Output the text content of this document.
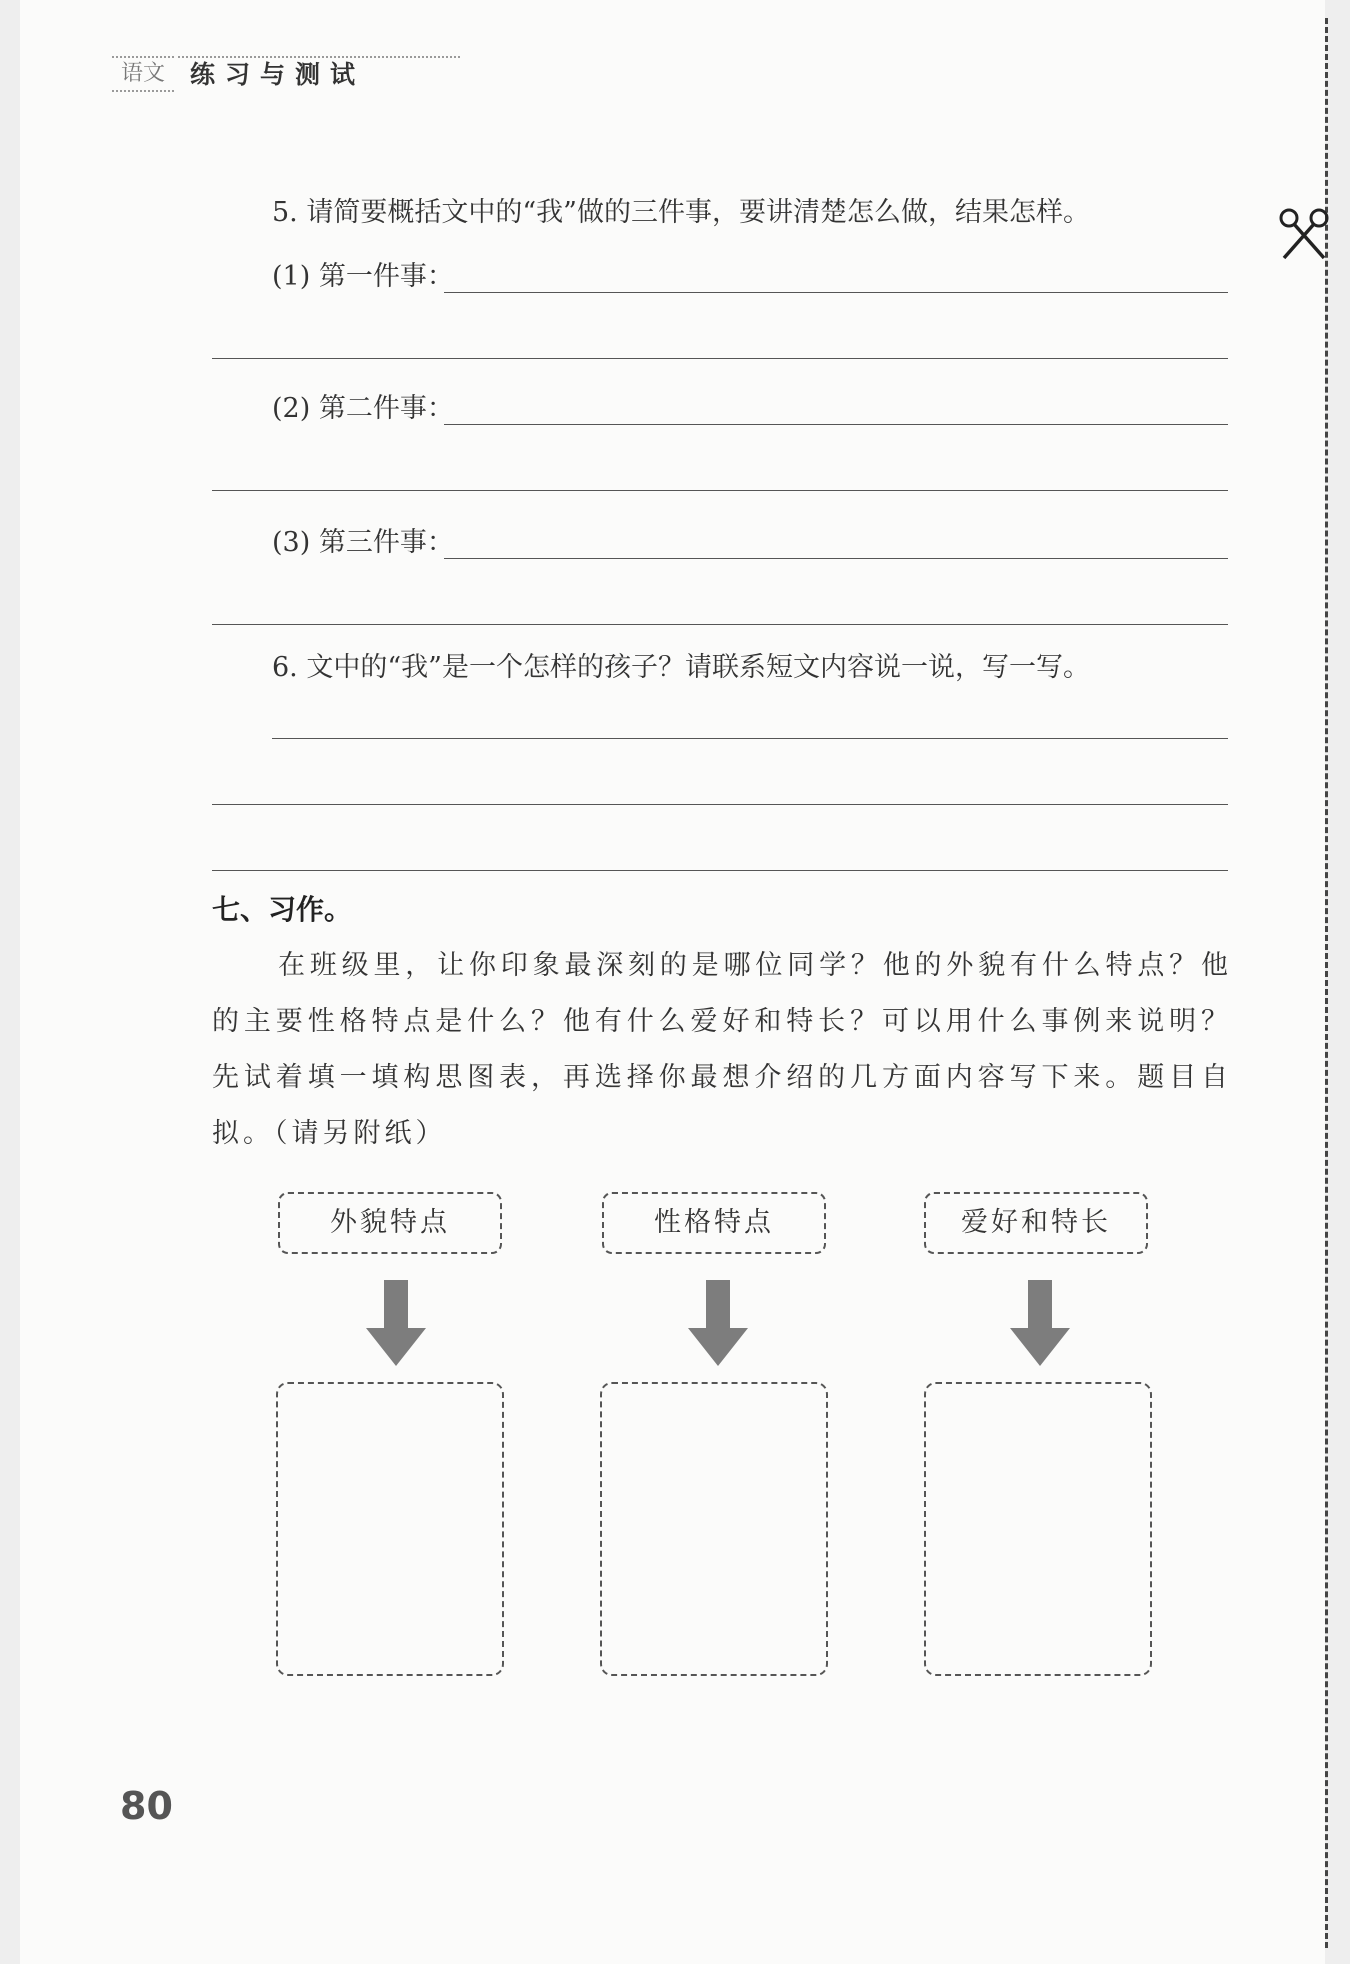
语文	练习与测试
5. 请简要概括文中的“我”做的三件事，要讲清楚怎么做，结果怎样。
(1) 第一件事：
(2) 第二件事：
(3) 第三件事：
6. 文中的“我”是一个怎样的孩子？请联系短文内容说一说，写一写。
七、习作。
在班级里，让你印象最深刻的是哪位同学？他的外貌有什么特点？他的主要性格特点是什么？他有什么爱好和特长？可以用什么事例来说明？先试着填一填构思图表，再选择你最想介绍的几方面内容写下来。题目自拟。（请另附纸）
外貌特点	性格特点	爱好和特长
80
